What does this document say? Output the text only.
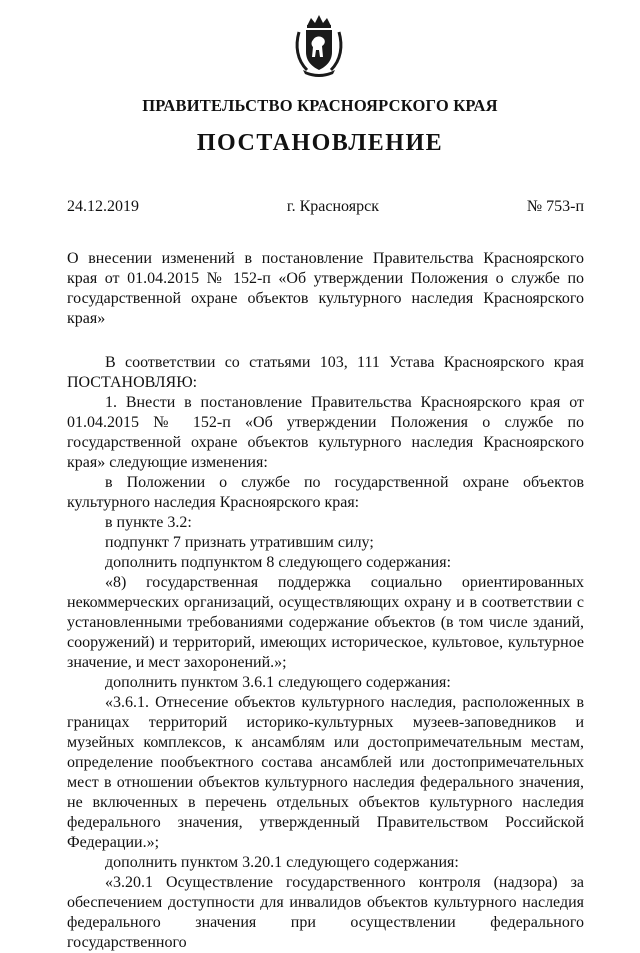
ПРАВИТЕЛЬСТВО КРАСНОЯРСКОГО КРАЯ
ПОСТАНОВЛЕНИЕ
24.12.2019	г. Красноярск	№ 753-п

О внесении изменений в постановление Правительства Красноярского края от 01.04.2015 № 152-п «Об утверждении Положения о службе по государственной охране объектов культурного наследия Красноярского края»

В соответствии со статьями 103, 111 Устава Красноярского края ПОСТАНОВЛЯЮ:

1. Внести в постановление Правительства Красноярского края от 01.04.2015 № 152-п «Об утверждении Положения о службе по государственной охране объектов культурного наследия Красноярского края» следующие изменения:

в Положении о службе по государственной охране объектов культурного наследия Красноярского края:

в пункте 3.2:

подпункт 7 признать утратившим силу;

дополнить подпунктом 8 следующего содержания:

«8) государственная поддержка социально ориентированных некоммерческих организаций, осуществляющих охрану и в соответствии с установленными требованиями содержание объектов (в том числе зданий, сооружений) и территорий, имеющих историческое, культовое, культурное значение, и мест захоронений.»;

дополнить пунктом 3.6.1 следующего содержания:

«3.6.1. Отнесение объектов культурного наследия, расположенных в границах территорий историко-культурных музеев-заповедников и музейных комплексов, к ансамблям или достопримечательным местам, определение пообъектного состава ансамблей или достопримечательных мест в отношении объектов культурного наследия федерального значения, не включенных в перечень отдельных объектов культурного наследия федерального значения, утвержденный Правительством Российской Федерации.»;

дополнить пунктом 3.20.1 следующего содержания:

«3.20.1 Осуществление государственного контроля (надзора) за обеспечением доступности для инвалидов объектов культурного наследия федерального значения при осуществлении федерального государственного
